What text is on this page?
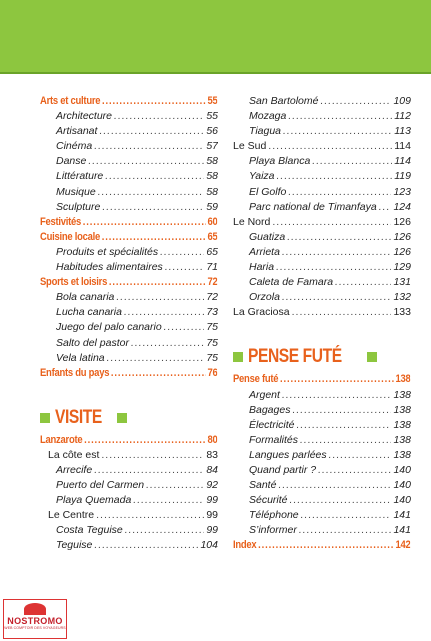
Arts et culture .....	55
Architecture .....	55
Artisanat .....	56
Cinéma .....	57
Danse .....	58
Littérature .....	58
Musique .....	58
Sculpture .....	59
Festivités .....	60
Cuisine locale .....	65
Produits et spécialités .....	65
Habitudes alimentaires .....	71
Sports et loisirs .....	72
Bola canaria .....	72
Lucha canaria .....	73
Juego del palo canario .....	75
Salto del pastor .....	75
Vela latina .....	75
Enfants du pays .....	76
VISITE
Lanzarote .....	80
La côte est .....	83
Arrecife .....	84
Puerto del Carmen .....	92
Playa Quemada .....	99
Le Centre .....	99
Costa Teguise .....	99
Teguise .....	104
San Bartolomé .....	109
Mozaga .....	112
Tiagua .....	113
Le Sud .....	114
Playa Blanca .....	114
Yaiza .....	119
El Golfo .....	123
Parc national de Timanfaya ..... 124
Le Nord .....	126
Guatiza .....	126
Arrieta .....	126
Haria .....	129
Caleta de Famara .....	131
Orzola .....	132
La Graciosa .....	133
PENSE FUTÉ
Pense futé .....	138
Argent .....	138
Bagages .....	138
Électricité .....	138
Formalités .....	138
Langues parlées .....	138
Quand partir ? .....	140
Santé .....	140
Sécurité .....	140
Téléphone .....	141
S’informer .....	141
Index .....	142
NOSTROMO
WEB COMPTOIR DES VOYAGEURS
